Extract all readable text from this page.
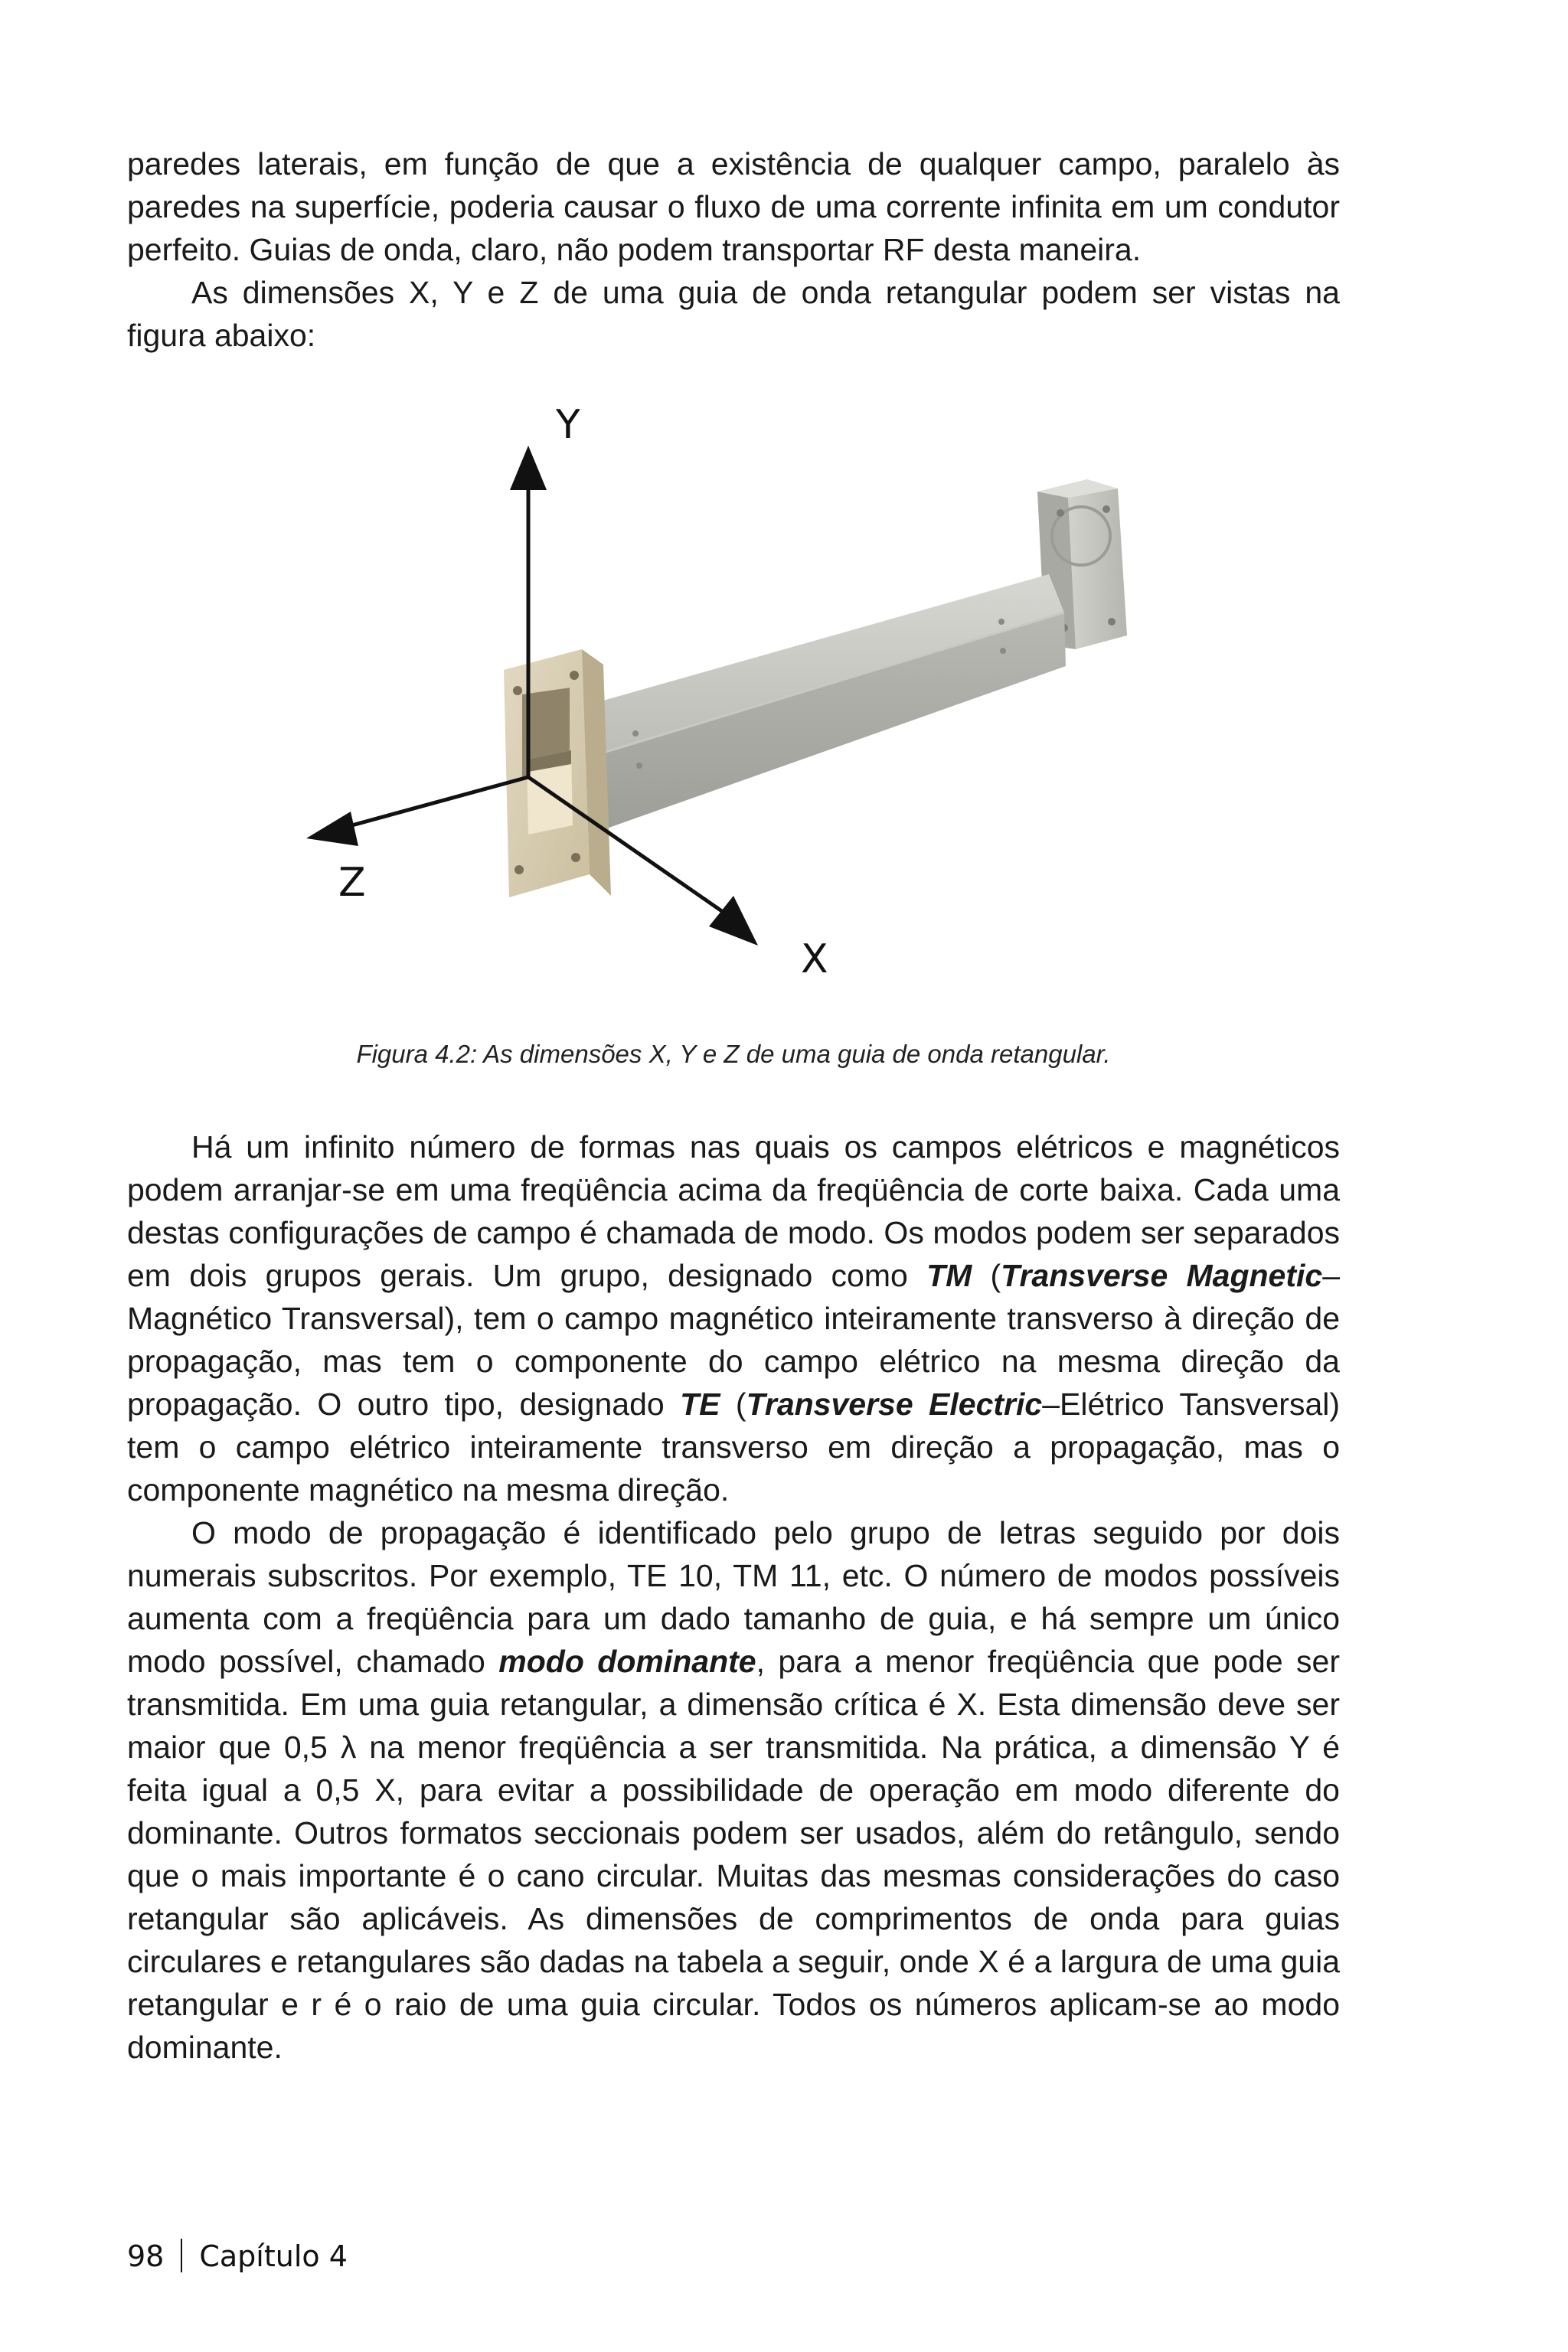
paredes laterais, em função de que a existência de qualquer campo, paralelo às paredes na superfície, poderia causar o fluxo de uma corrente infinita em um condutor perfeito. Guias de onda, claro, não podem transportar RF desta maneira.

As dimensões X, Y e Z de uma guia de onda retangular podem ser vistas na figura abaixo:

Y
Z
X
Figura 4.2: As dimensões X, Y e Z de uma guia de onda retangular.

Há um infinito número de formas nas quais os campos elétricos e magnéticos podem arranjar-se em uma freqüência acima da freqüência de corte baixa. Cada uma destas configurações de campo é chamada de modo. Os modos podem ser separados em dois grupos gerais. Um grupo, designado como TM (Transverse Magnetic–Magnético Transversal), tem o campo magnético inteiramente transverso à direção de propagação, mas tem o componente do campo elétrico na mesma direção da propagação. O outro tipo, designado TE (Transverse Electric–Elétrico Tansversal) tem o campo elétrico inteiramente transverso em direção a propagação, mas o componente magnético na mesma direção.

O modo de propagação é identificado pelo grupo de letras seguido por dois numerais subscritos. Por exemplo, TE 10, TM 11, etc. O número de modos possíveis aumenta com a freqüência para um dado tamanho de guia, e há sempre um único modo possível, chamado modo dominante, para a menor freqüência que pode ser transmitida. Em uma guia retangular, a dimensão crítica é X. Esta dimensão deve ser maior que 0,5 λ na menor freqüência a ser transmitida. Na prática, a dimensão Y é feita igual a 0,5 X, para evitar a possibilidade de operação em modo diferente do dominante. Outros formatos seccionais podem ser usados, além do retângulo, sendo que o mais importante é o cano circular. Muitas das mesmas considerações do caso retangular são aplicáveis. As dimensões de comprimentos de onda para guias circulares e retangulares são dadas na tabela a seguir, onde X é a largura de uma guia retangular e r é o raio de uma guia circular. Todos os números aplicam-se ao modo dominante.

98 Capítulo 4
